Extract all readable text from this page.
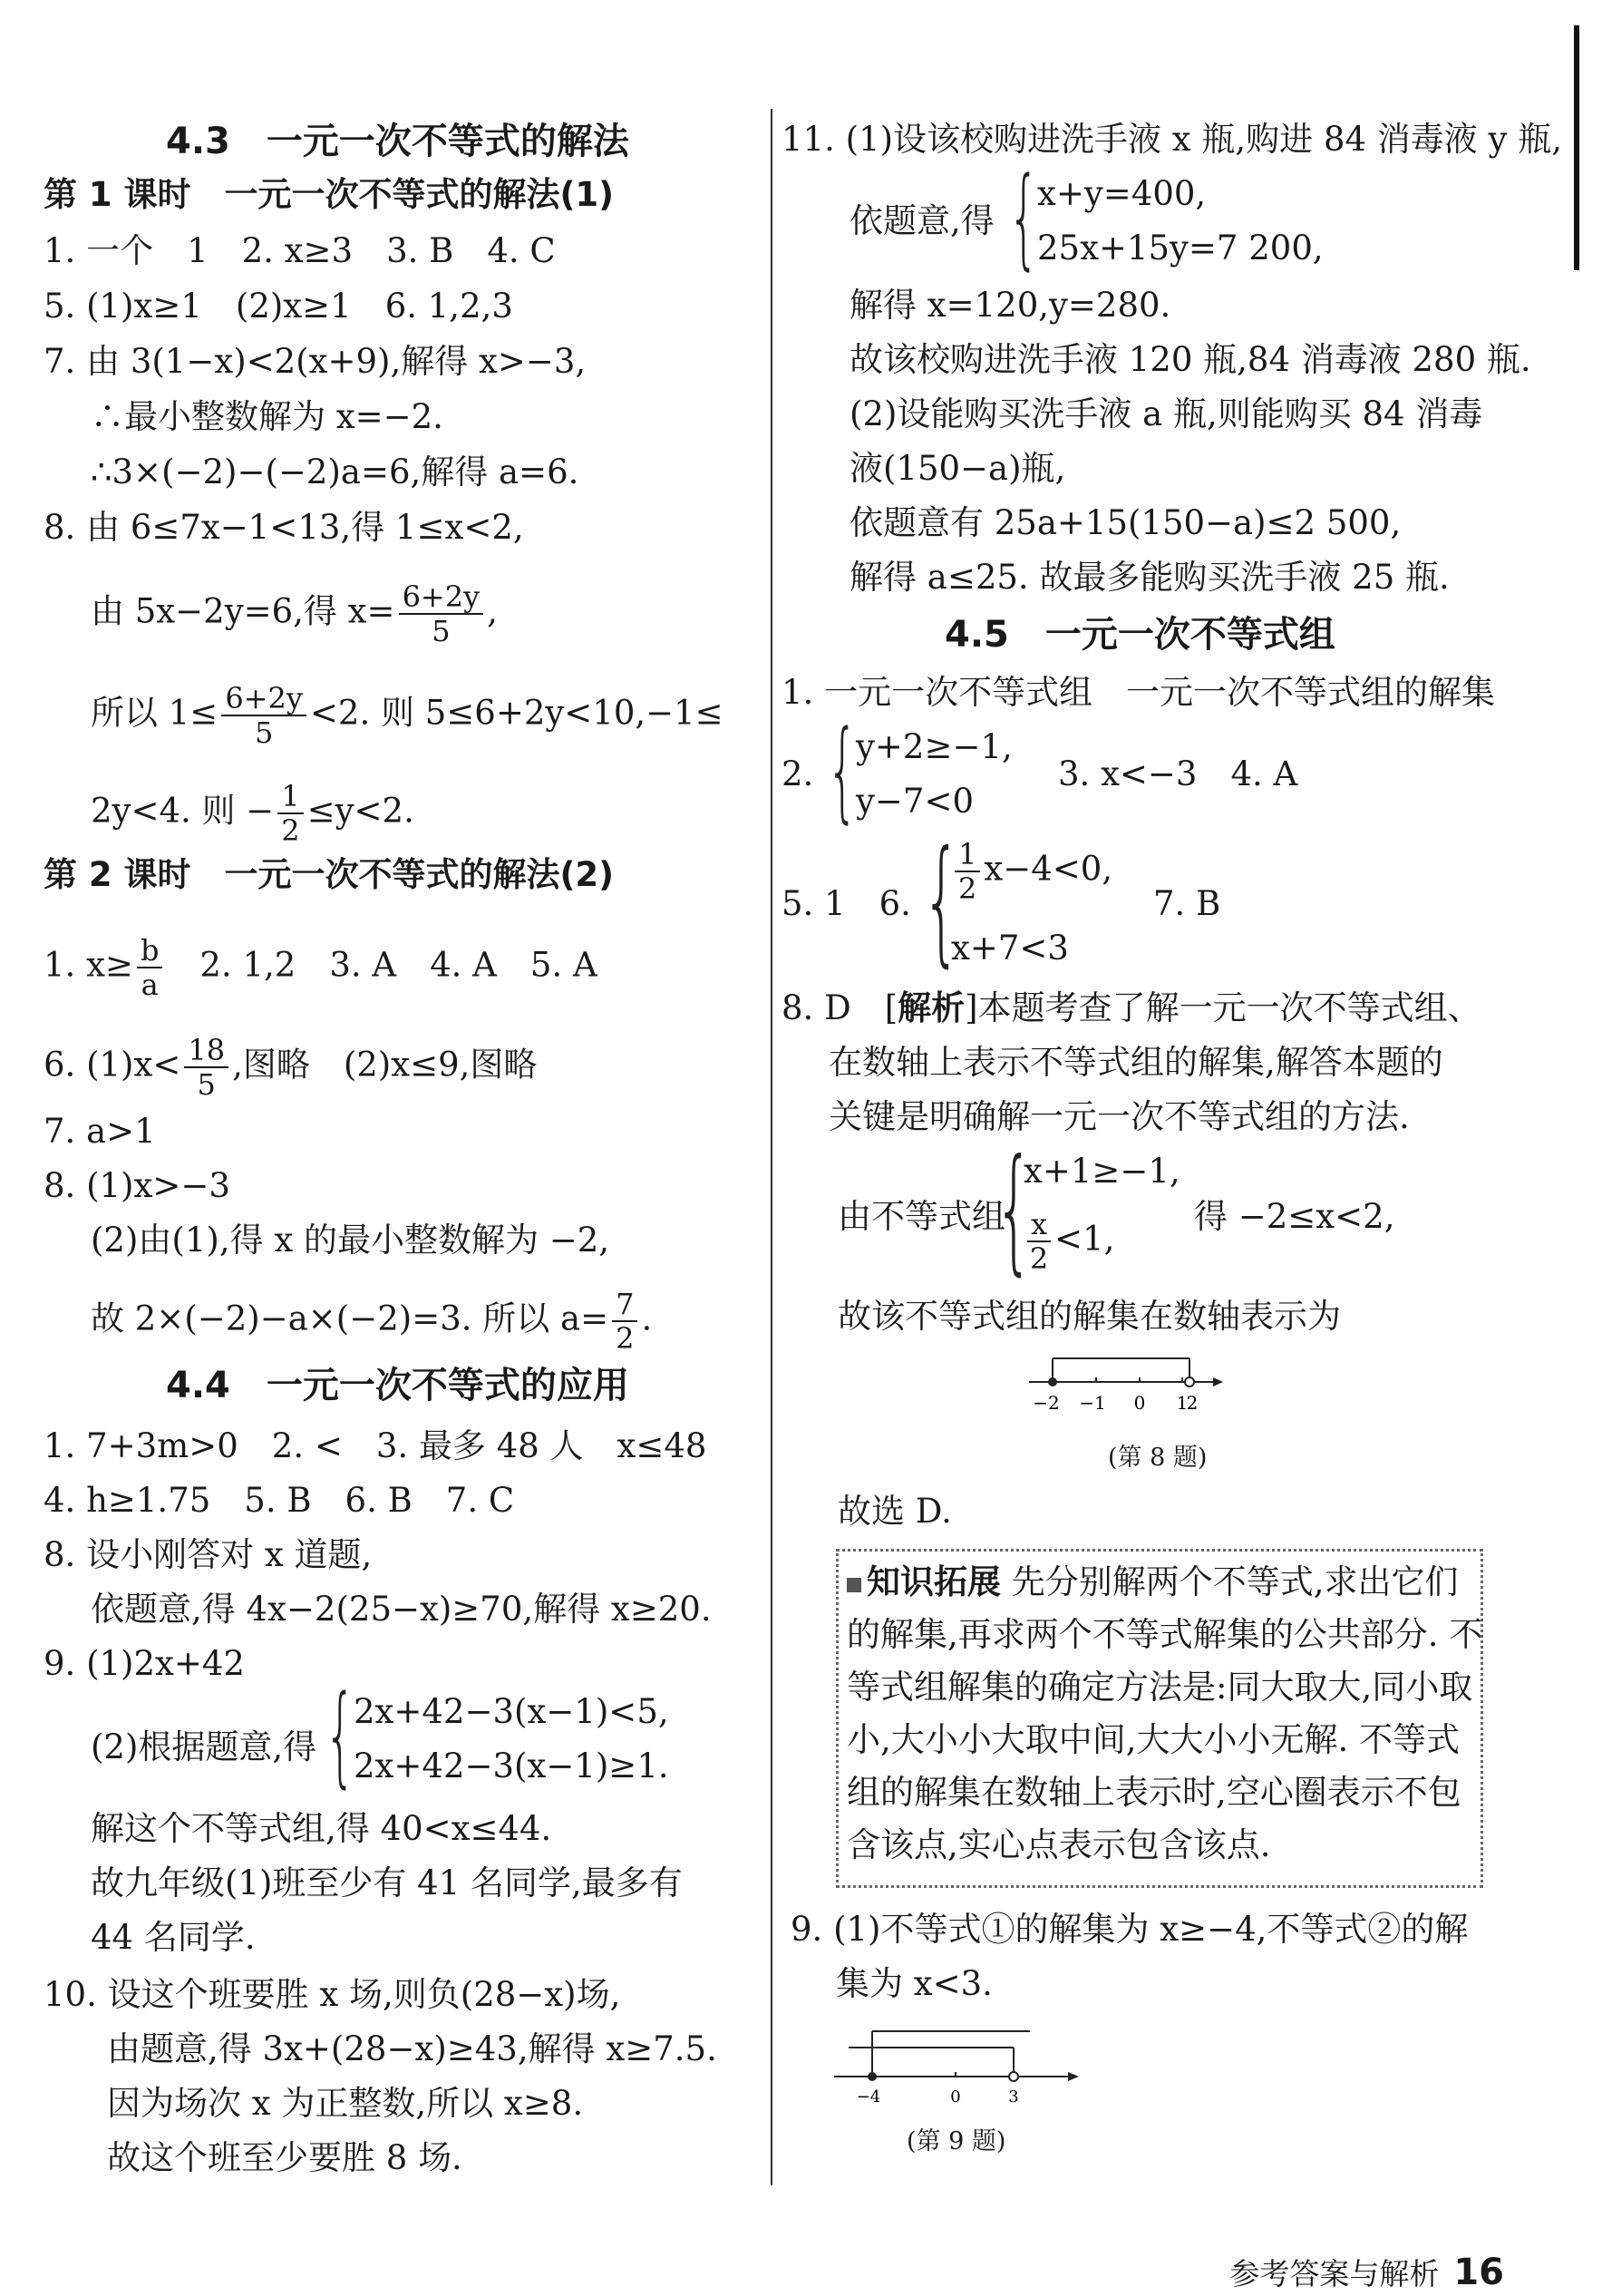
4.3　一元一次不等式的解法
第 1 课时　一元一次不等式的解法(1)
1. 一个　1　2. x≥3　3. B　4. C
5. (1)x≥1　(2)x≥1　6. 1,2,3
7. 由 3(1−x)<2(x+9),解得 x>−3,
∴最小整数解为 x=−2.
∴3×(−2)−(−2)a=6,解得 a=6.
8. 由 6≤7x−1<13,得 1≤x<2,
由 5x−2y=6,得 $x= \frac{6+2y}{5}$ ,
所以 $1\le \frac{6+2y}{5} <2$. 则 5≤6+2y<10,−1≤
2y<4. 则 − $\frac{1}{2} \le y<2$.
第 2 课时　一元一次不等式的解法(2)
1. $x\ge \frac{b}{a}$ 　2. 1,2　3. A　4. A　5. A
6. $(1)x< \frac{18}{5}$ ,图略　(2)x≤9,图略
7. a>1
8. (1)x>−3
(2)由(1),得 x 的最小整数解为 −2,
故 2×(−2)−a×(−2)=3. 所以 $a= \frac{7}{2}$ .
4.4　一元一次不等式的应用
1. 7+3m>0　2. <　3. 最多 48 人　x≤48
4. h≥1.75　5. B　6. B　7. C
8. 设小刚答对 x 道题,
依题意,得 4x−2(25−x)≥70,解得 x≥20.
9. (1)2x+42
(2)根据题意,得 {
2x+42−3(x−1)<5,
2x+42−3(x−1)≥1.
解这个不等式组,得 40<x≤44.
故九年级(1)班至少有 41 名同学,最多有
44 名同学.
10. 设这个班要胜 x 场,则负(28−x)场,
由题意,得 3x+(28−x)≥43,解得 x≥7.5.
因为场次 x 为正整数,所以 x≥8.
故这个班至少要胜 8 场.
11. (1)设该校购进洗手液 x 瓶,购进 84 消毒液 y 瓶,
依题意,得 {
x+y=400,
25x+15y=7 200,
解得 x=120,y=280.
故该校购进洗手液 120 瓶,84 消毒液 280 瓶.
(2)设能购买洗手液 a 瓶,则能购买 84 消毒
液(150−a)瓶,
依题意有 25a+15(150−a)≤2 500,
解得 a≤25. 故最多能购买洗手液 25 瓶.
4.5　一元一次不等式组
1. 一元一次不等式组　一元一次不等式组的解集
2. {
y+2≥−1,
y−7<0
3. x<−3　4. A
5. 1　6. {
$\frac{1}{2} x-4<0$,
x+7<3
7. B
8. D　[解析]本题考查了解一元一次不等式组、
在数轴上表示不等式组的解集,解答本题的
关键是明确解一元一次不等式组的方法.
由不等式组
{
x+1≥−1,
$\frac{x}{2} <1$,
得 −2≤x<2,
故该不等式组的解集在数轴表示为
−2 −1 0 1
2
(第 8 题)
故选 D.
知识拓展 先分别解两个不等式,求出它们
的解集,再求两个不等式解集的公共部分. 不
等式组解集的确定方法是:同大取大,同小取
小,大小小大取中间,大大小小无解. 不等式
组的解集在数轴上表示时,空心圈表示不包
含该点,实心点表示包含该点.
9. (1)不等式①的解集为 x≥−4,不等式②的解
集为 x<3.
−4	0	3
(第 9 题)
参考答案与解析 16
